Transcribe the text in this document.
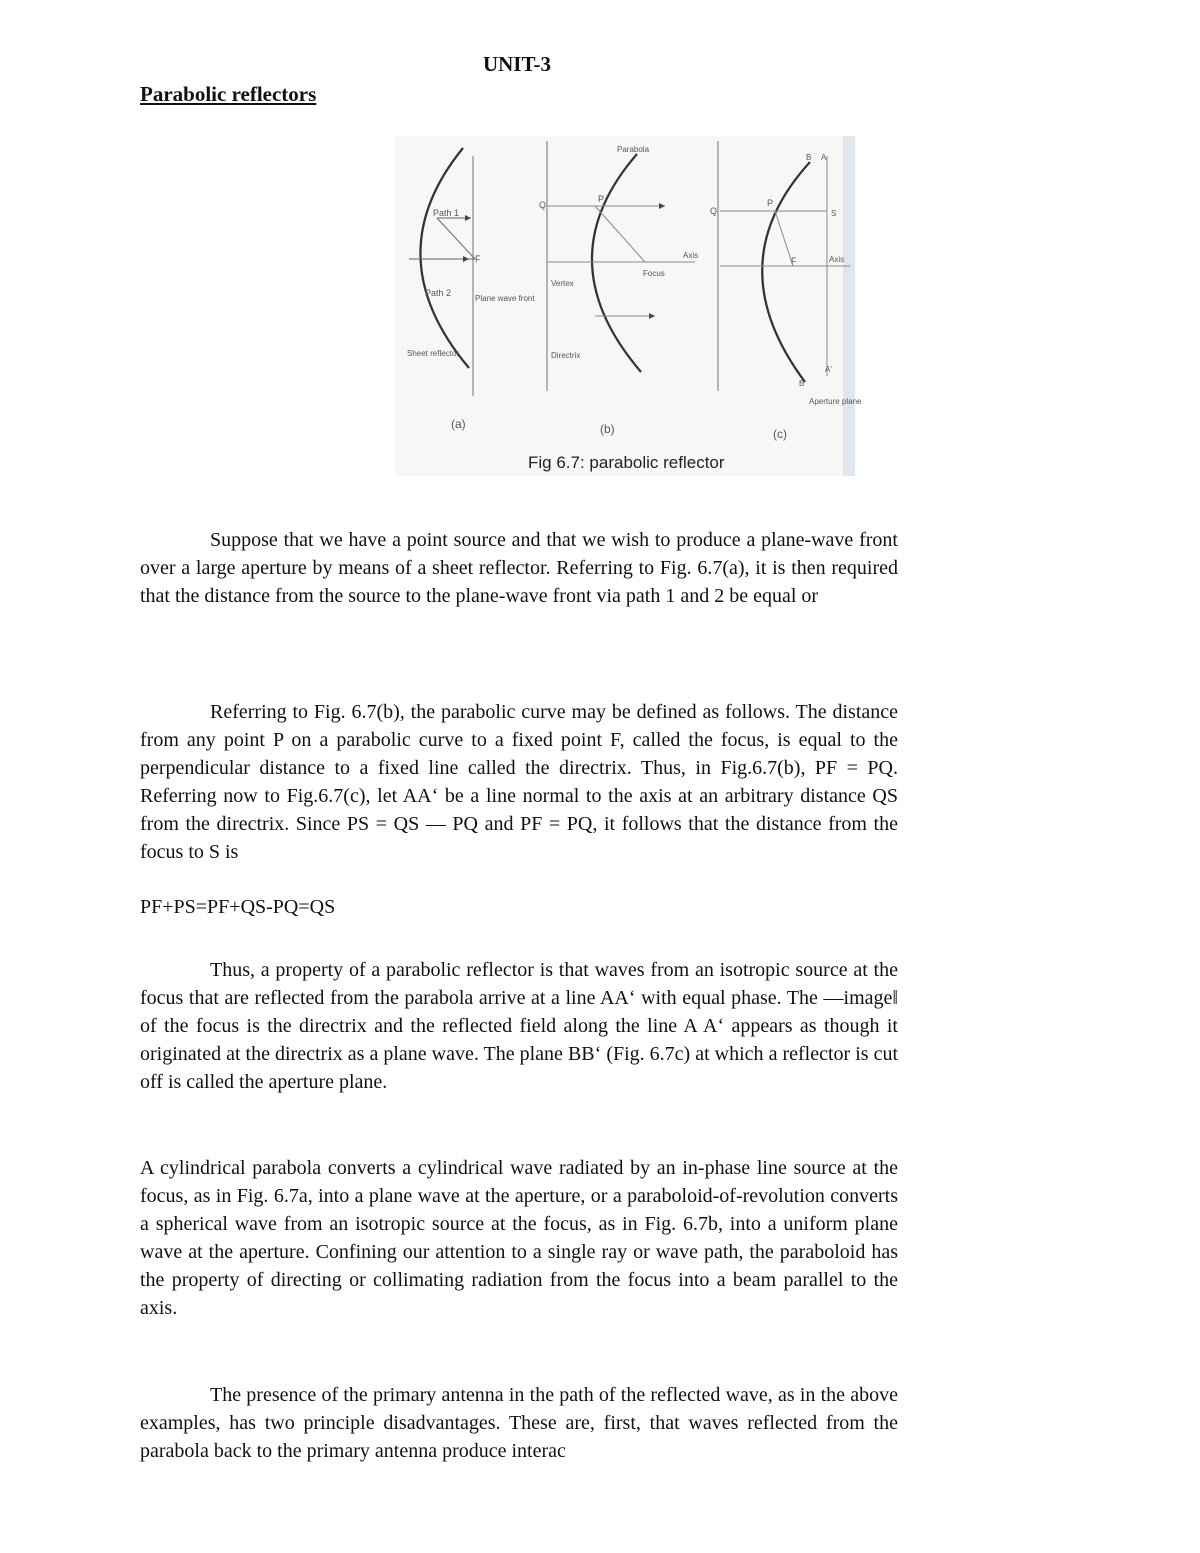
UNIT-3
Parabolic reflectors
Path 1
Path 2
Plane wave front
Sheet reflector
F
(a)
Parabola
Q
P
Axis
Focus
Vertex
Directrix
(b)
B A
Q
P
S
F	Axis
A'
B'
Aperture plane
(c)
Fig 6.7: parabolic reflector

Suppose that we have a point source and that we wish to produce a plane-wave front over a large aperture by means of a sheet reflector. Referring to Fig. 6.7(a), it is then required that the distance from the source to the plane-wave front via path 1 and 2 be equal or

Referring to Fig. 6.7(b), the parabolic curve may be defined as follows. The distance from any point P on a parabolic curve to a fixed point F, called the focus, is equal to the perpendicular distance to a fixed line called the directrix. Thus, in Fig.6.7(b), PF = PQ. Referring now to Fig.6.7(c), let AA‘ be a line normal to the axis at an arbitrary distance QS from the directrix. Since PS = QS — PQ and PF = PQ, it follows that the distance from the focus to S is

PF+PS=PF+QS-PQ=QS

Thus, a property of a parabolic reflector is that waves from an isotropic source at the focus that are reflected from the parabola arrive at a line AA‘ with equal phase. The ―image‖ of the focus is the directrix and the reflected field along the line A A‘ appears as though it originated at the directrix as a plane wave. The plane BB‘ (Fig. 6.7c) at which a reflector is cut off is called the aperture plane.

A cylindrical parabola converts a cylindrical wave radiated by an in-phase line source at the focus, as in Fig. 6.7a, into a plane wave at the aperture, or a paraboloid-of-revolution converts a spherical wave from an isotropic source at the focus, as in Fig. 6.7b, into a uniform plane wave at the aperture. Confining our attention to a single ray or wave path, the paraboloid has the property of directing or collimating radiation from the focus into a beam parallel to the axis.

The presence of the primary antenna in the path of the reflected wave, as in the above examples, has two principle disadvantages. These are, first, that waves reflected from the parabola back to the primary antenna produce interac
